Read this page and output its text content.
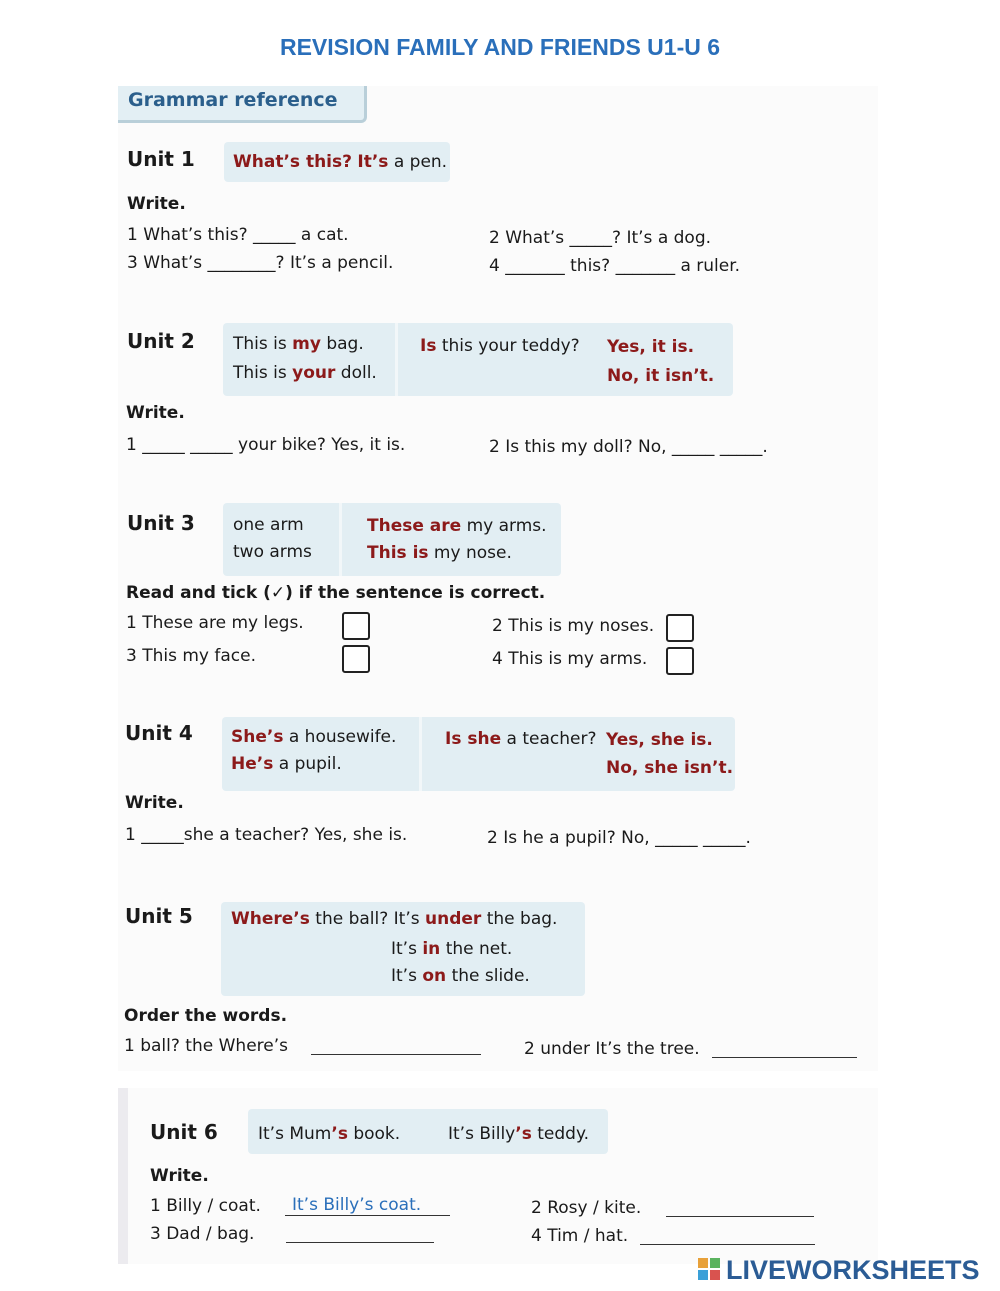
REVISION FAMILY AND FRIENDS U1-U 6
Grammar reference
Unit 1 What’s this? It’s a pen.
Write.
1 What’s this? _____ a cat.	2 What’s _____? It’s a dog.
3 What’s ________? It’s a pencil.	4 _______ this? _______ a ruler.
Unit 2 This is my bag.
This is your doll.
Is this your teddy? Yes, it is.
No, it isn’t.
Write.
1 _____ _____ your bike? Yes, it is.	2 Is this my doll? No, _____ _____.
Unit 3 one arm
two arms
These are my arms.
This is my nose.
Read and tick (✓) if the sentence is correct.
1 These are my legs.	2 This is my noses.
3 This my face.	4 This is my arms.
Unit 4 She’s a housewife.
He’s a pupil.
Is she a teacher? Yes, she is.
No, she isn’t.
Write.
1 _____she a teacher? Yes, she is.	2 Is he a pupil? No, _____ _____.
Unit 5 Where’s the ball? It’s under the bag.
It’s in the net.
It’s on the slide.
Order the words.
1 ball? the Where’s	2 under It’s the tree.
Unit 6 It’s Mum’s book.	It’s Billy’s teddy.
Write.
1 Billy / coat. It’s Billy’s coat.	2 Rosy / kite.
3 Dad / bag.	4 Tim / hat.
LIVEWORKSHEETS
